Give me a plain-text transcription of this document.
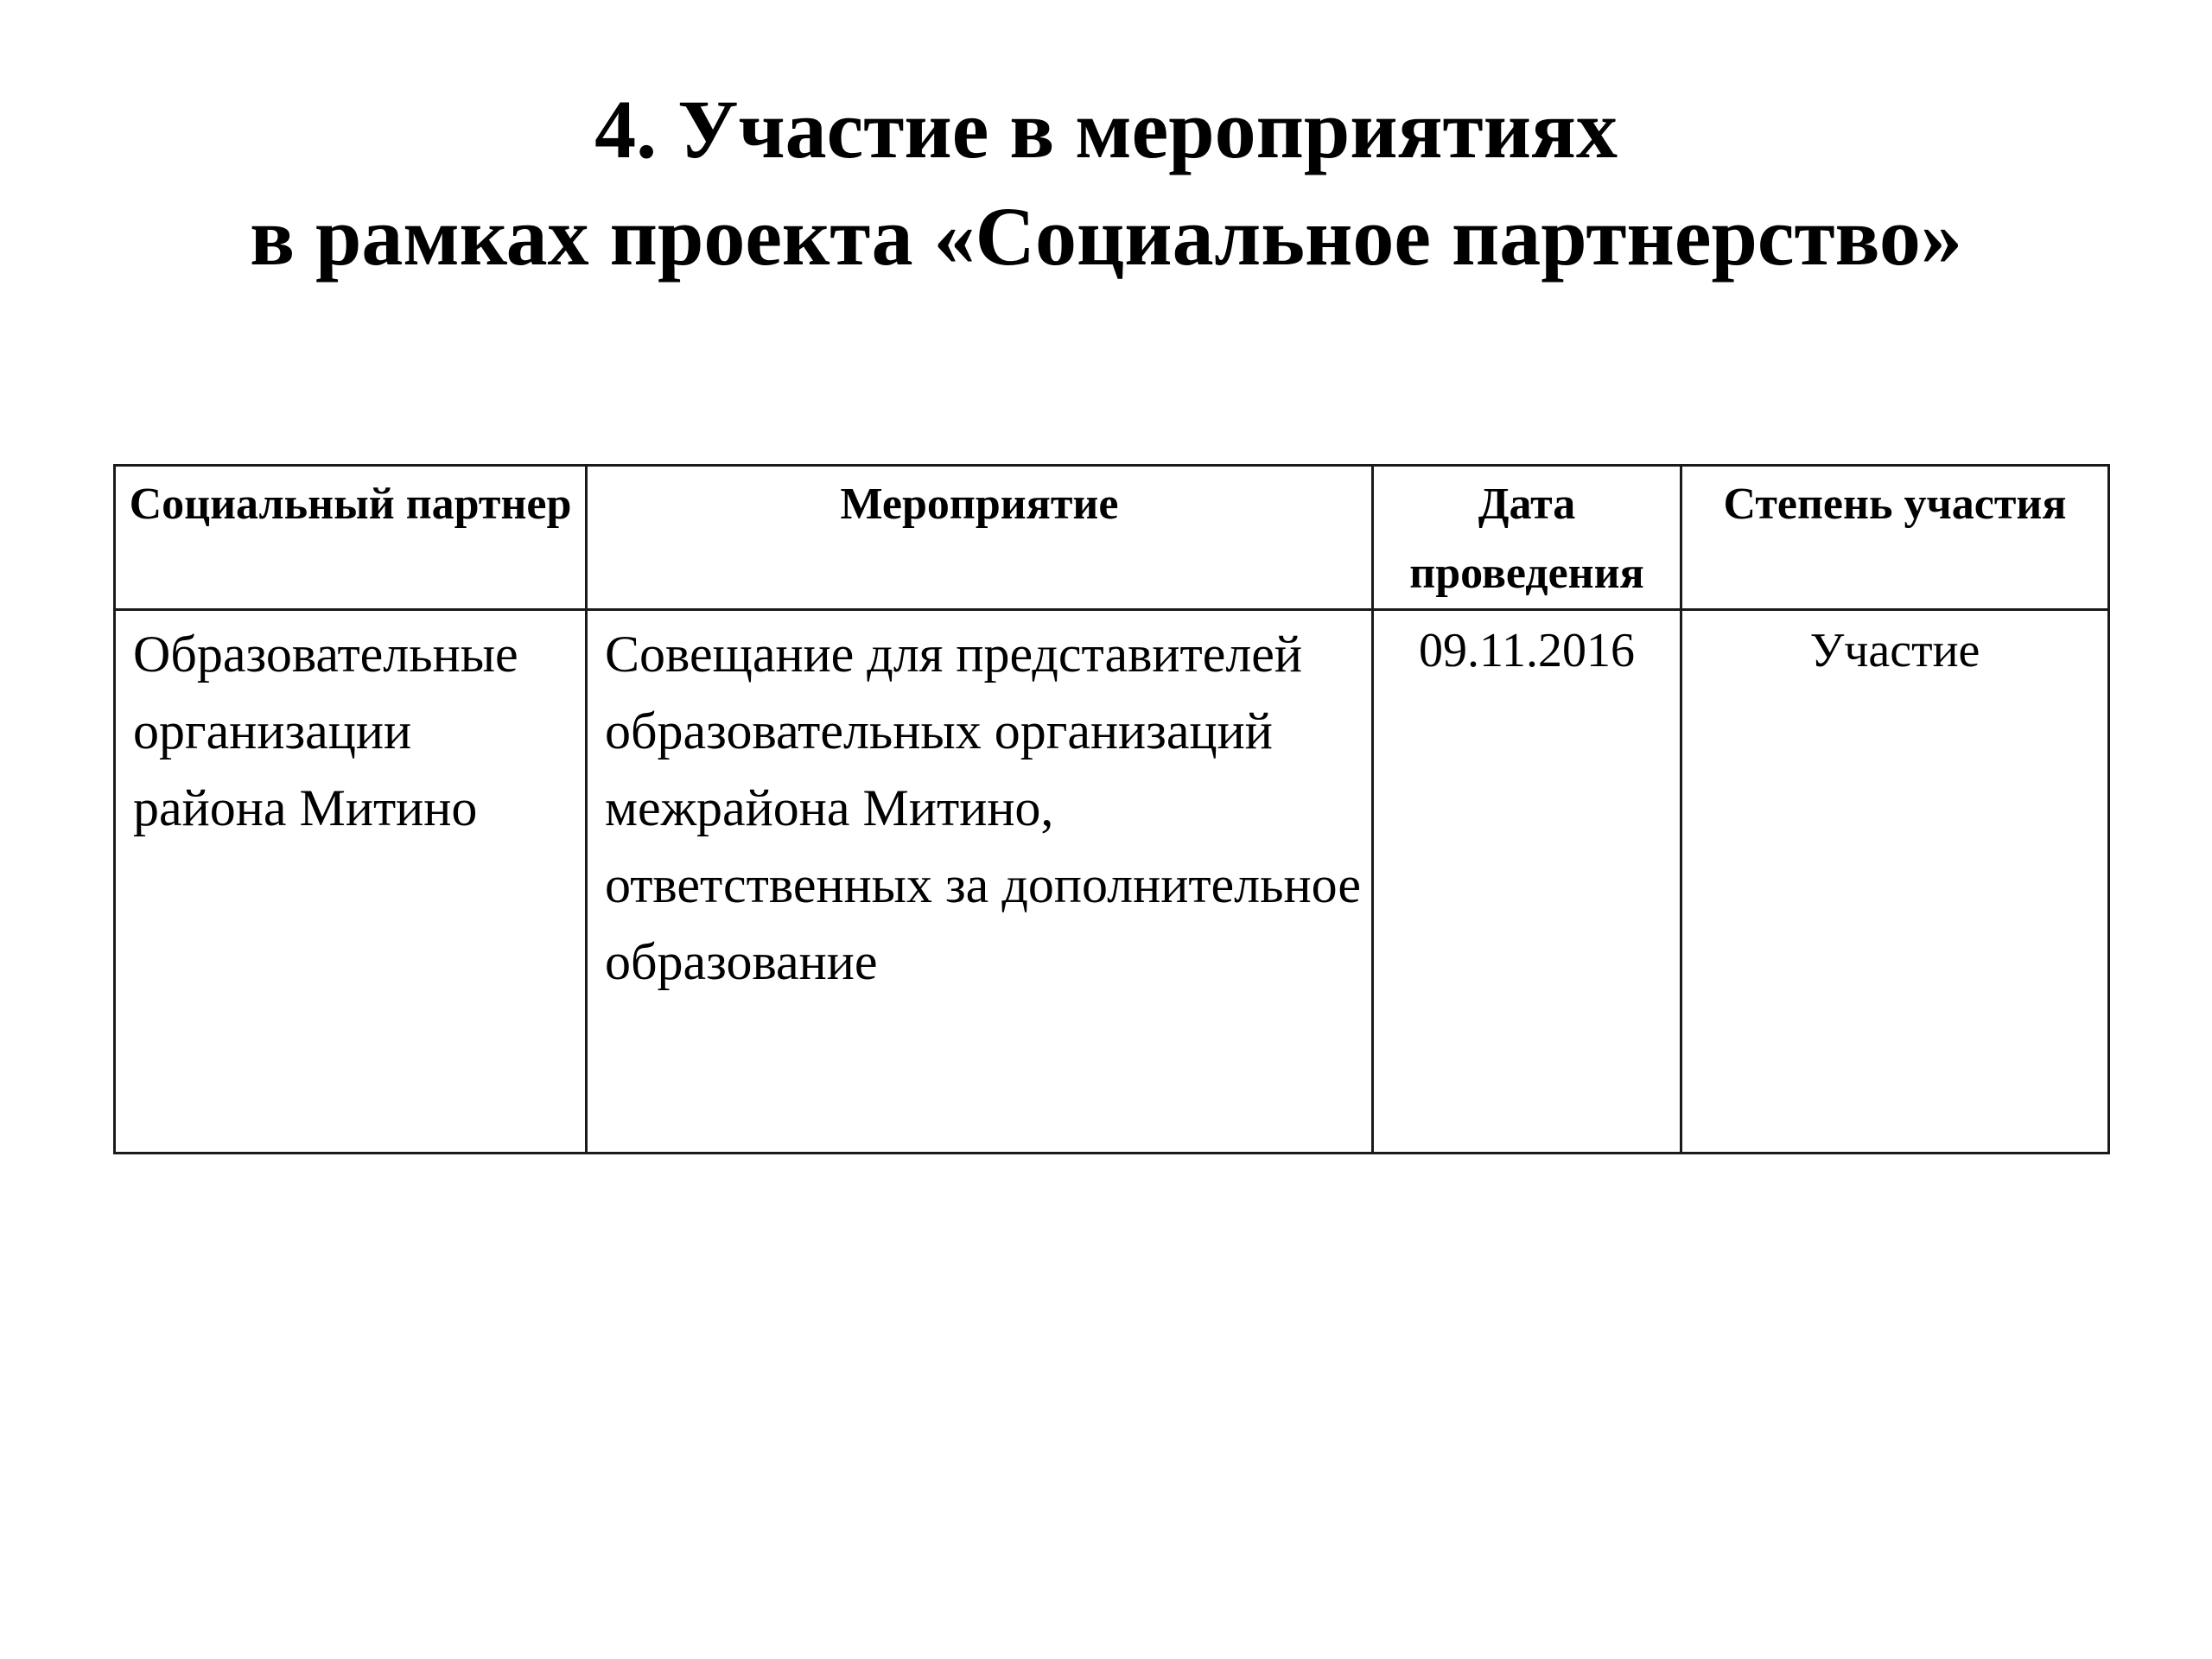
4. Участие в мероприятиях
в рамках проекта «Социальное партнерство»
Социальный партнер	Мероприятие	Дата проведения	Степень участия
Образовательные организации района Митино	Совещание для представителей образовательных организаций межрайона Митино, ответственных за дополнительное образование	09.11.2016	Участие
